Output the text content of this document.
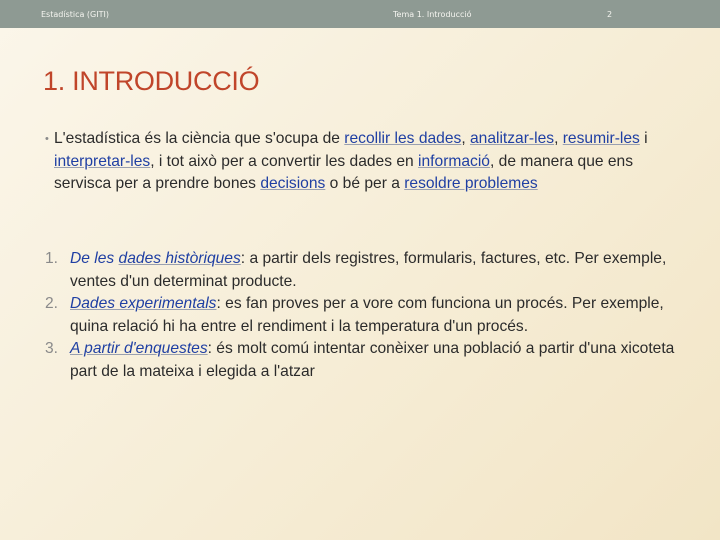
Estadística (GITI)	Tema 1. Introducció	2
1. INTRODUCCIÓ
• L'estadística és la ciència que s'ocupa de recollir les dades, analitzar-les, resumir-les i interpretar-les, i tot això per a convertir les dades en informació, de manera que ens servisca per a prendre bones decisions o bé per a resoldre problemes

1. De les dades històriques: a partir dels registres, formularis, factures, etc. Per exemple, ventes d'un determinat producte.

2. Dades experimentals: es fan proves per a vore com funciona un procés. Per exemple, quina relació hi ha entre el rendiment i la temperatura d'un procés.

3. A partir d'enquestes: és molt comú intentar conèixer una població a partir d'una xicoteta part de la mateixa i elegida a l'atzar
